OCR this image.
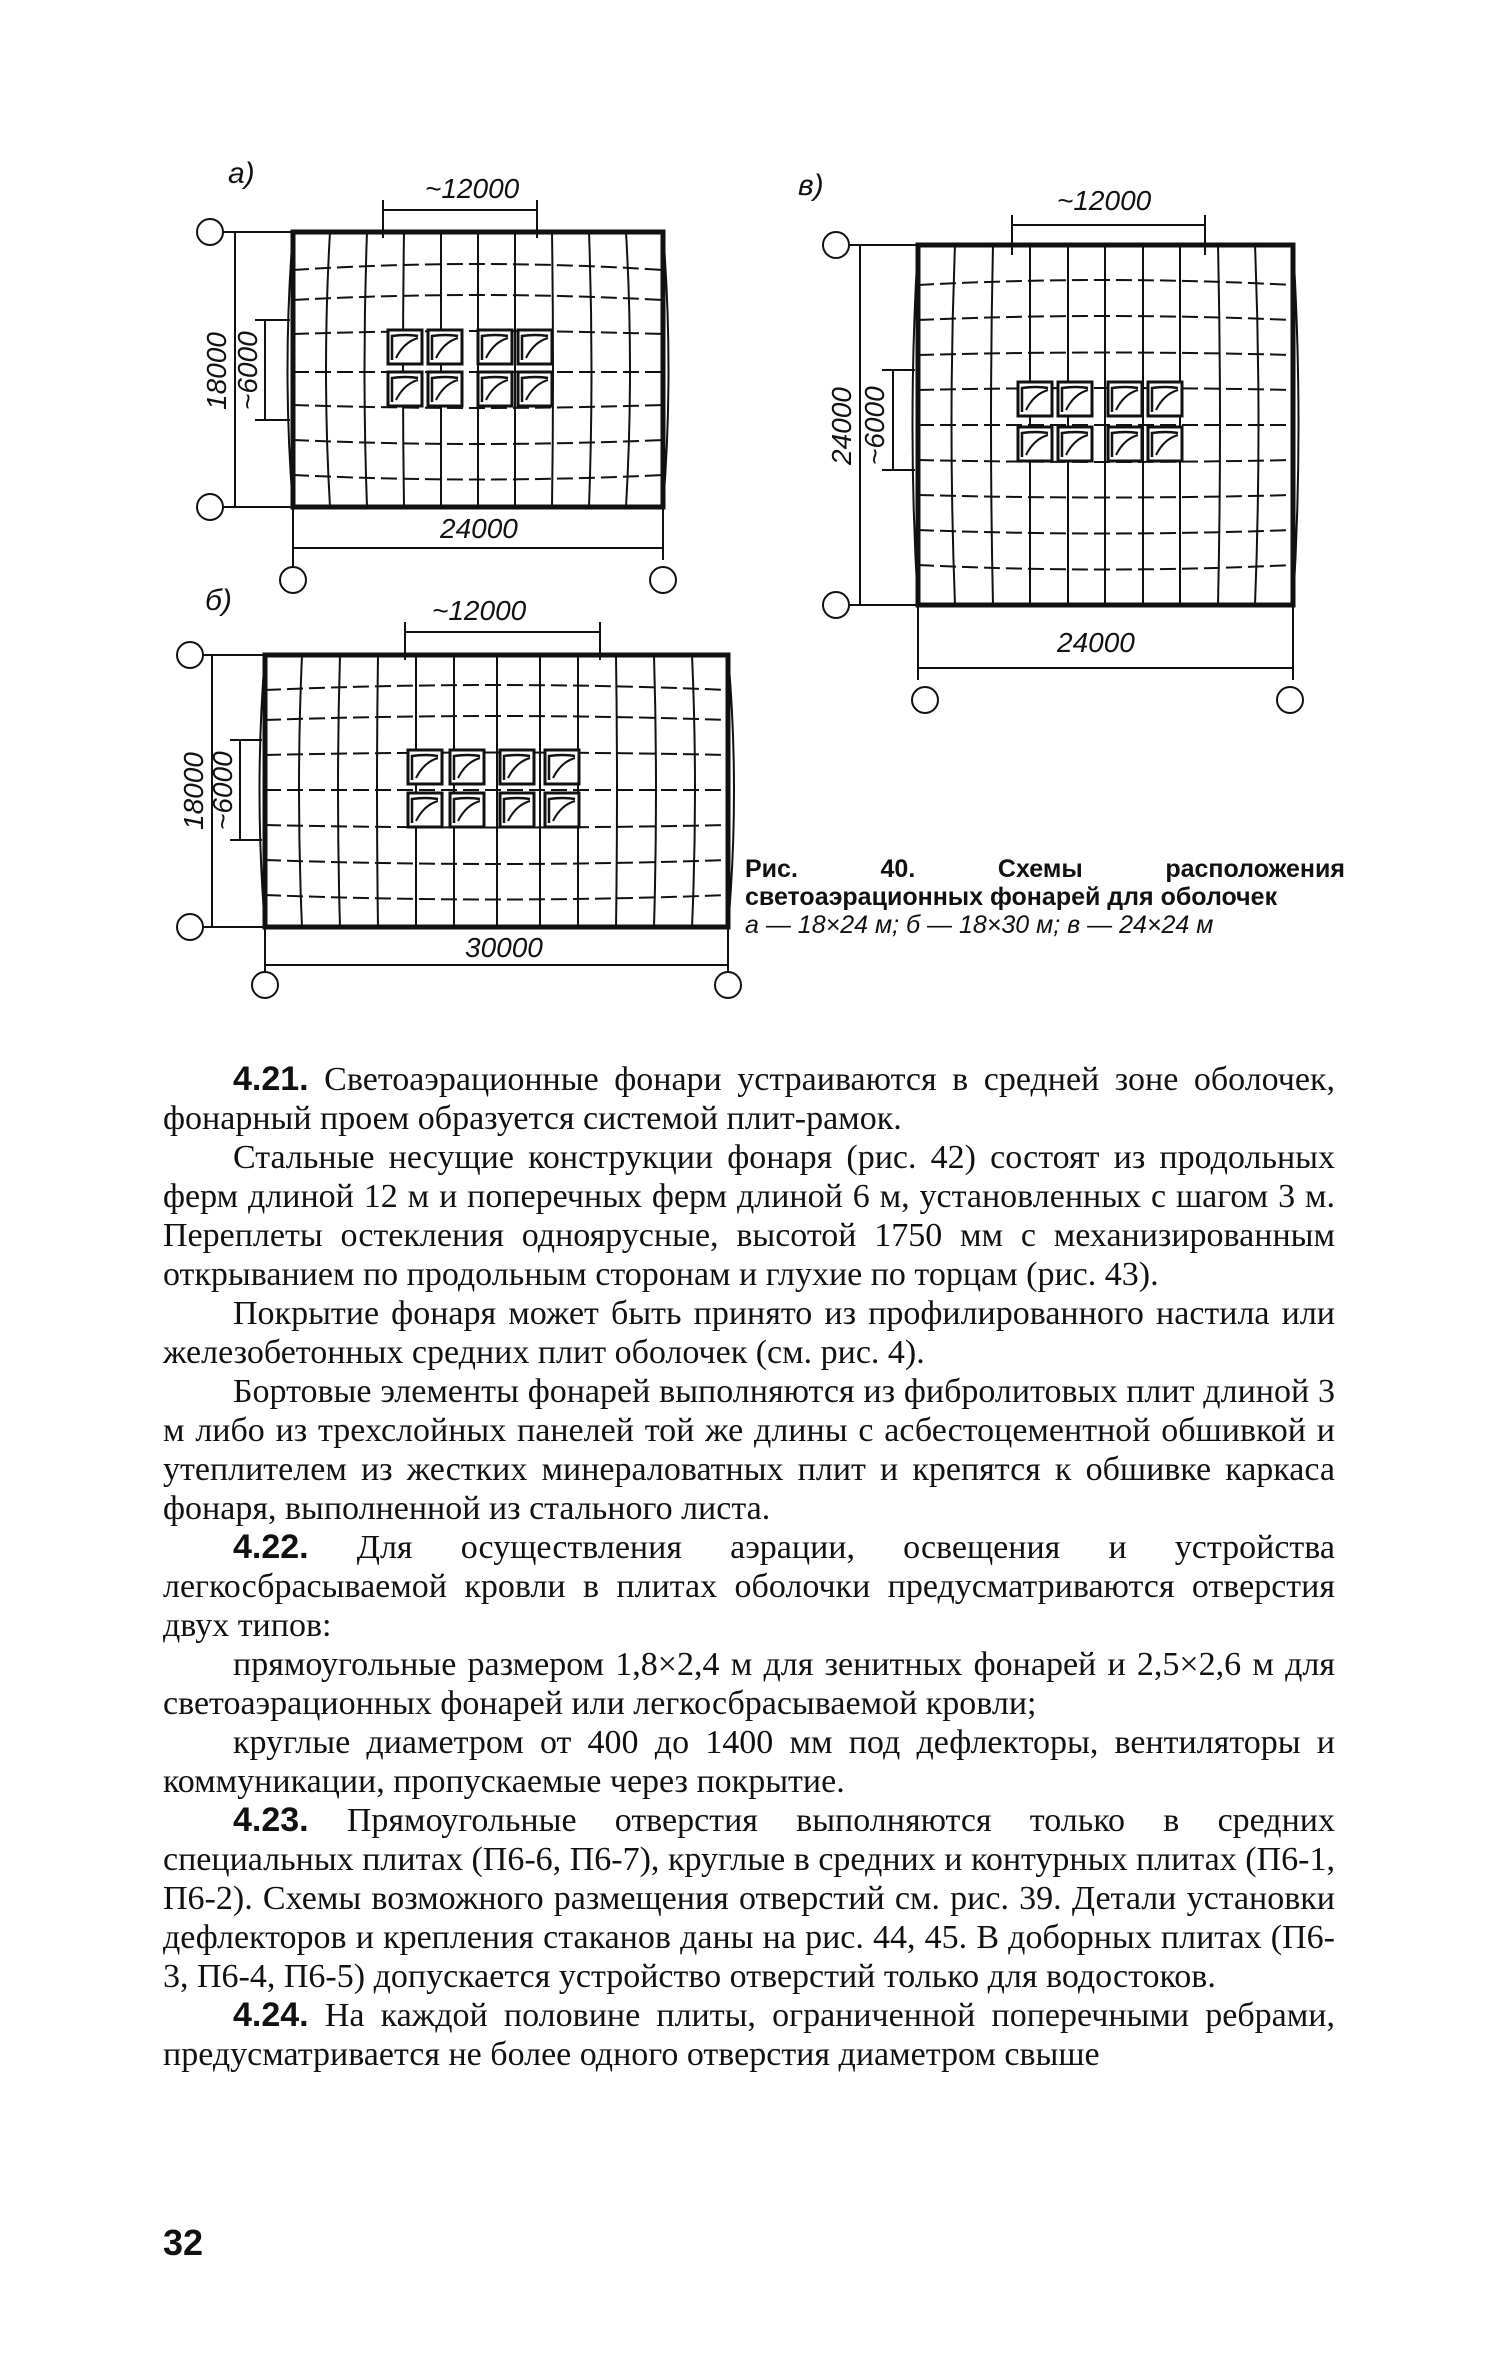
а)	~12000
18000 ~6000
24000
б)	~12000
18000
~6000
30000
в)	~12000
24000 ~6000
24000
Рис. 40. Схемы расположения светоаэрационных фонарей для оболочек
а — 18×24 м; б — 18×30 м; в — 24×24 м

4.21. Светоаэрационные фонари устраиваются в средней зоне оболочек, фонарный проем образуется системой плит-рамок.

Стальные несущие конструкции фонаря (рис. 42) состоят из продольных ферм длиной 12 м и поперечных ферм длиной 6 м, установленных с шагом 3 м. Переплеты остекления одноярусные, высотой 1750 мм с механизированным открыванием по продольным сторонам и глухие по торцам (рис. 43).

Покрытие фонаря может быть принято из профилированного настила или железобетонных средних плит оболочек (см. рис. 4).

Бортовые элементы фонарей выполняются из фибролитовых плит длиной 3 м либо из трехслойных панелей той же длины с асбестоцементной обшивкой и утеплителем из жестких минераловатных плит и крепятся к обшивке каркаса фонаря, выполненной из стального листа.

4.22. Для осуществления аэрации, освещения и устройства легкосбрасываемой кровли в плитах оболочки предусматриваются отверстия двух типов:

прямоугольные размером 1,8×2,4 м для зенитных фонарей и 2,5×2,6 м для светоаэрационных фонарей или легкосбрасываемой кровли;

круглые диаметром от 400 до 1400 мм под дефлекторы, вентиляторы и коммуникации, пропускаемые через покрытие.

4.23. Прямоугольные отверстия выполняются только в средних специальных плитах (П6-6, П6-7), круглые в средних и контурных плитах (П6-1, П6-2). Схемы возможного размещения отверстий см. рис. 39. Детали установки дефлекторов и крепления стаканов даны на рис. 44, 45. В доборных плитах (П6-3, П6-4, П6-5) допускается устройство отверстий только для водостоков.

4.24. На каждой половине плиты, ограниченной поперечными ребрами, предусматривается не более одного отверстия диаметром свыше

32
